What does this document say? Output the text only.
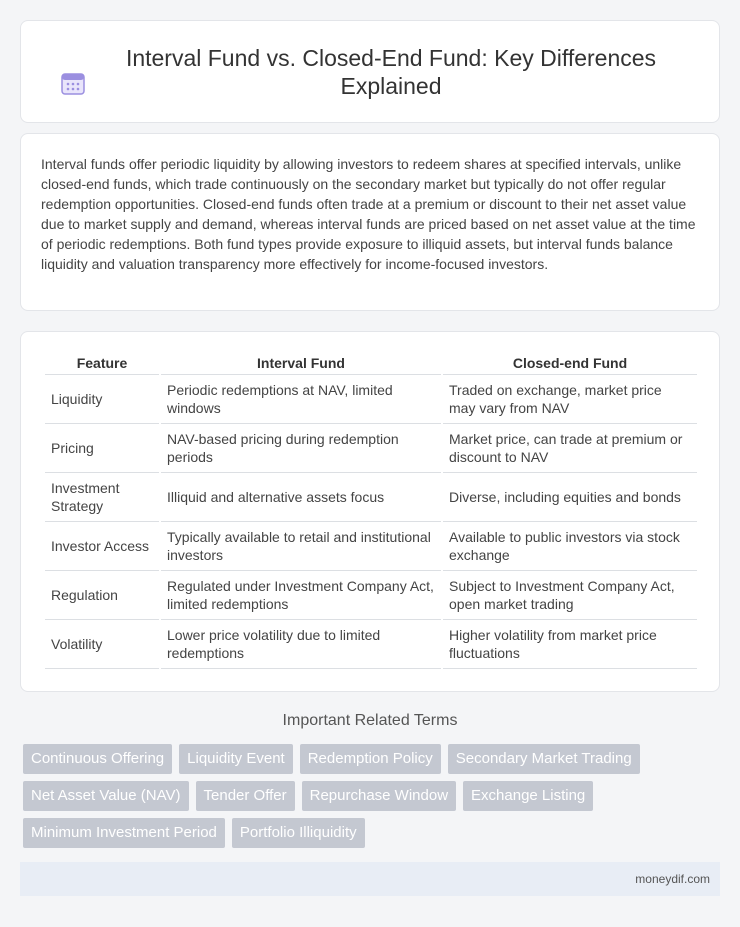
Interval Fund vs. Closed-End Fund: Key Differences Explained

Interval funds offer periodic liquidity by allowing investors to redeem shares at specified intervals, unlike closed-end funds, which trade continuously on the secondary market but typically do not offer regular redemption opportunities. Closed-end funds often trade at a premium or discount to their net asset value due to market supply and demand, whereas interval funds are priced based on net asset value at the time of periodic redemptions. Both fund types provide exposure to illiquid assets, but interval funds balance liquidity and valuation transparency more effectively for income-focused investors.

Feature	Interval Fund	Closed-end Fund
Liquidity	Periodic redemptions at NAV, limited windows	Traded on exchange, market price may vary from NAV
Pricing	NAV-based pricing during redemption periods	Market price, can trade at premium or discount to NAV
Investment Strategy	Illiquid and alternative assets focus	Diverse, including equities and bonds
Investor Access	Typically available to retail and institutional investors	Available to public investors via stock exchange
Regulation	Regulated under Investment Company Act, limited redemptions	Subject to Investment Company Act, open market trading
Volatility	Lower price volatility due to limited redemptions	Higher volatility from market price fluctuations
Important Related Terms
Continuous Offering	Liquidity Event	Redemption Policy	Secondary Market Trading
Net Asset Value (NAV)	Tender Offer	Repurchase Window	Exchange Listing
Minimum Investment Period	Portfolio Illiquidity
moneydif.com
